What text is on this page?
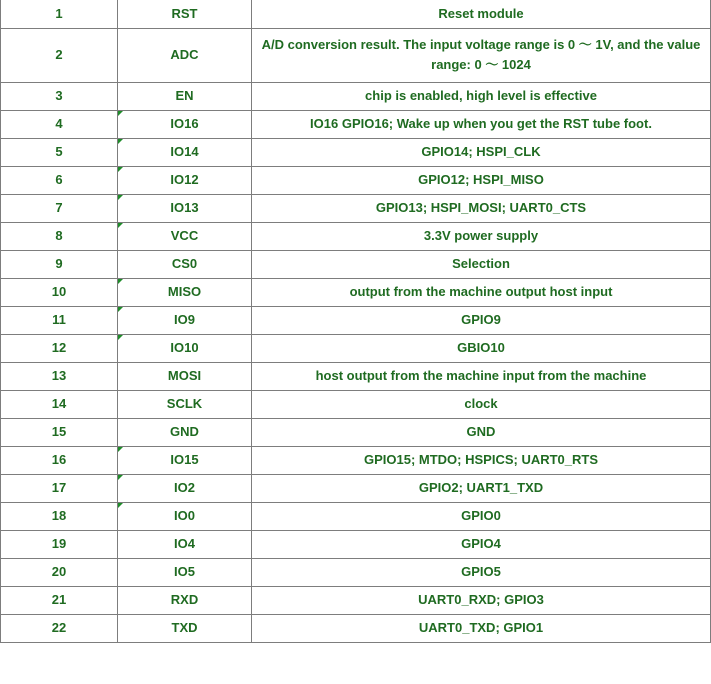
1	RST	Reset module
2	ADC	A/D conversion result. The input voltage range is 0 ～ 1V, and the value range: 0 ～ 1024
3	EN	chip is enabled, high level is effective
4	IO16	IO16 GPIO16; Wake up when you get the RST tube foot.
5	IO14	GPIO14; HSPI_CLK
6	IO12	GPIO12; HSPI_MISO
7	IO13	GPIO13; HSPI_MOSI; UART0_CTS
8	VCC	3.3V power supply
9	CS0	Selection
10	MISO	output from the machine output host input
11	IO9	GPIO9
12	IO10	GBIO10
13	MOSI	host output from the machine input from the machine
14	SCLK	clock
15	GND	GND
16	IO15	GPIO15; MTDO; HSPICS; UART0_RTS
17	IO2	GPIO2; UART1_TXD
18	IO0	GPIO0
19	IO4	GPIO4
20	IO5	GPIO5
21	RXD	UART0_RXD; GPIO3
22	TXD	UART0_TXD; GPIO1
